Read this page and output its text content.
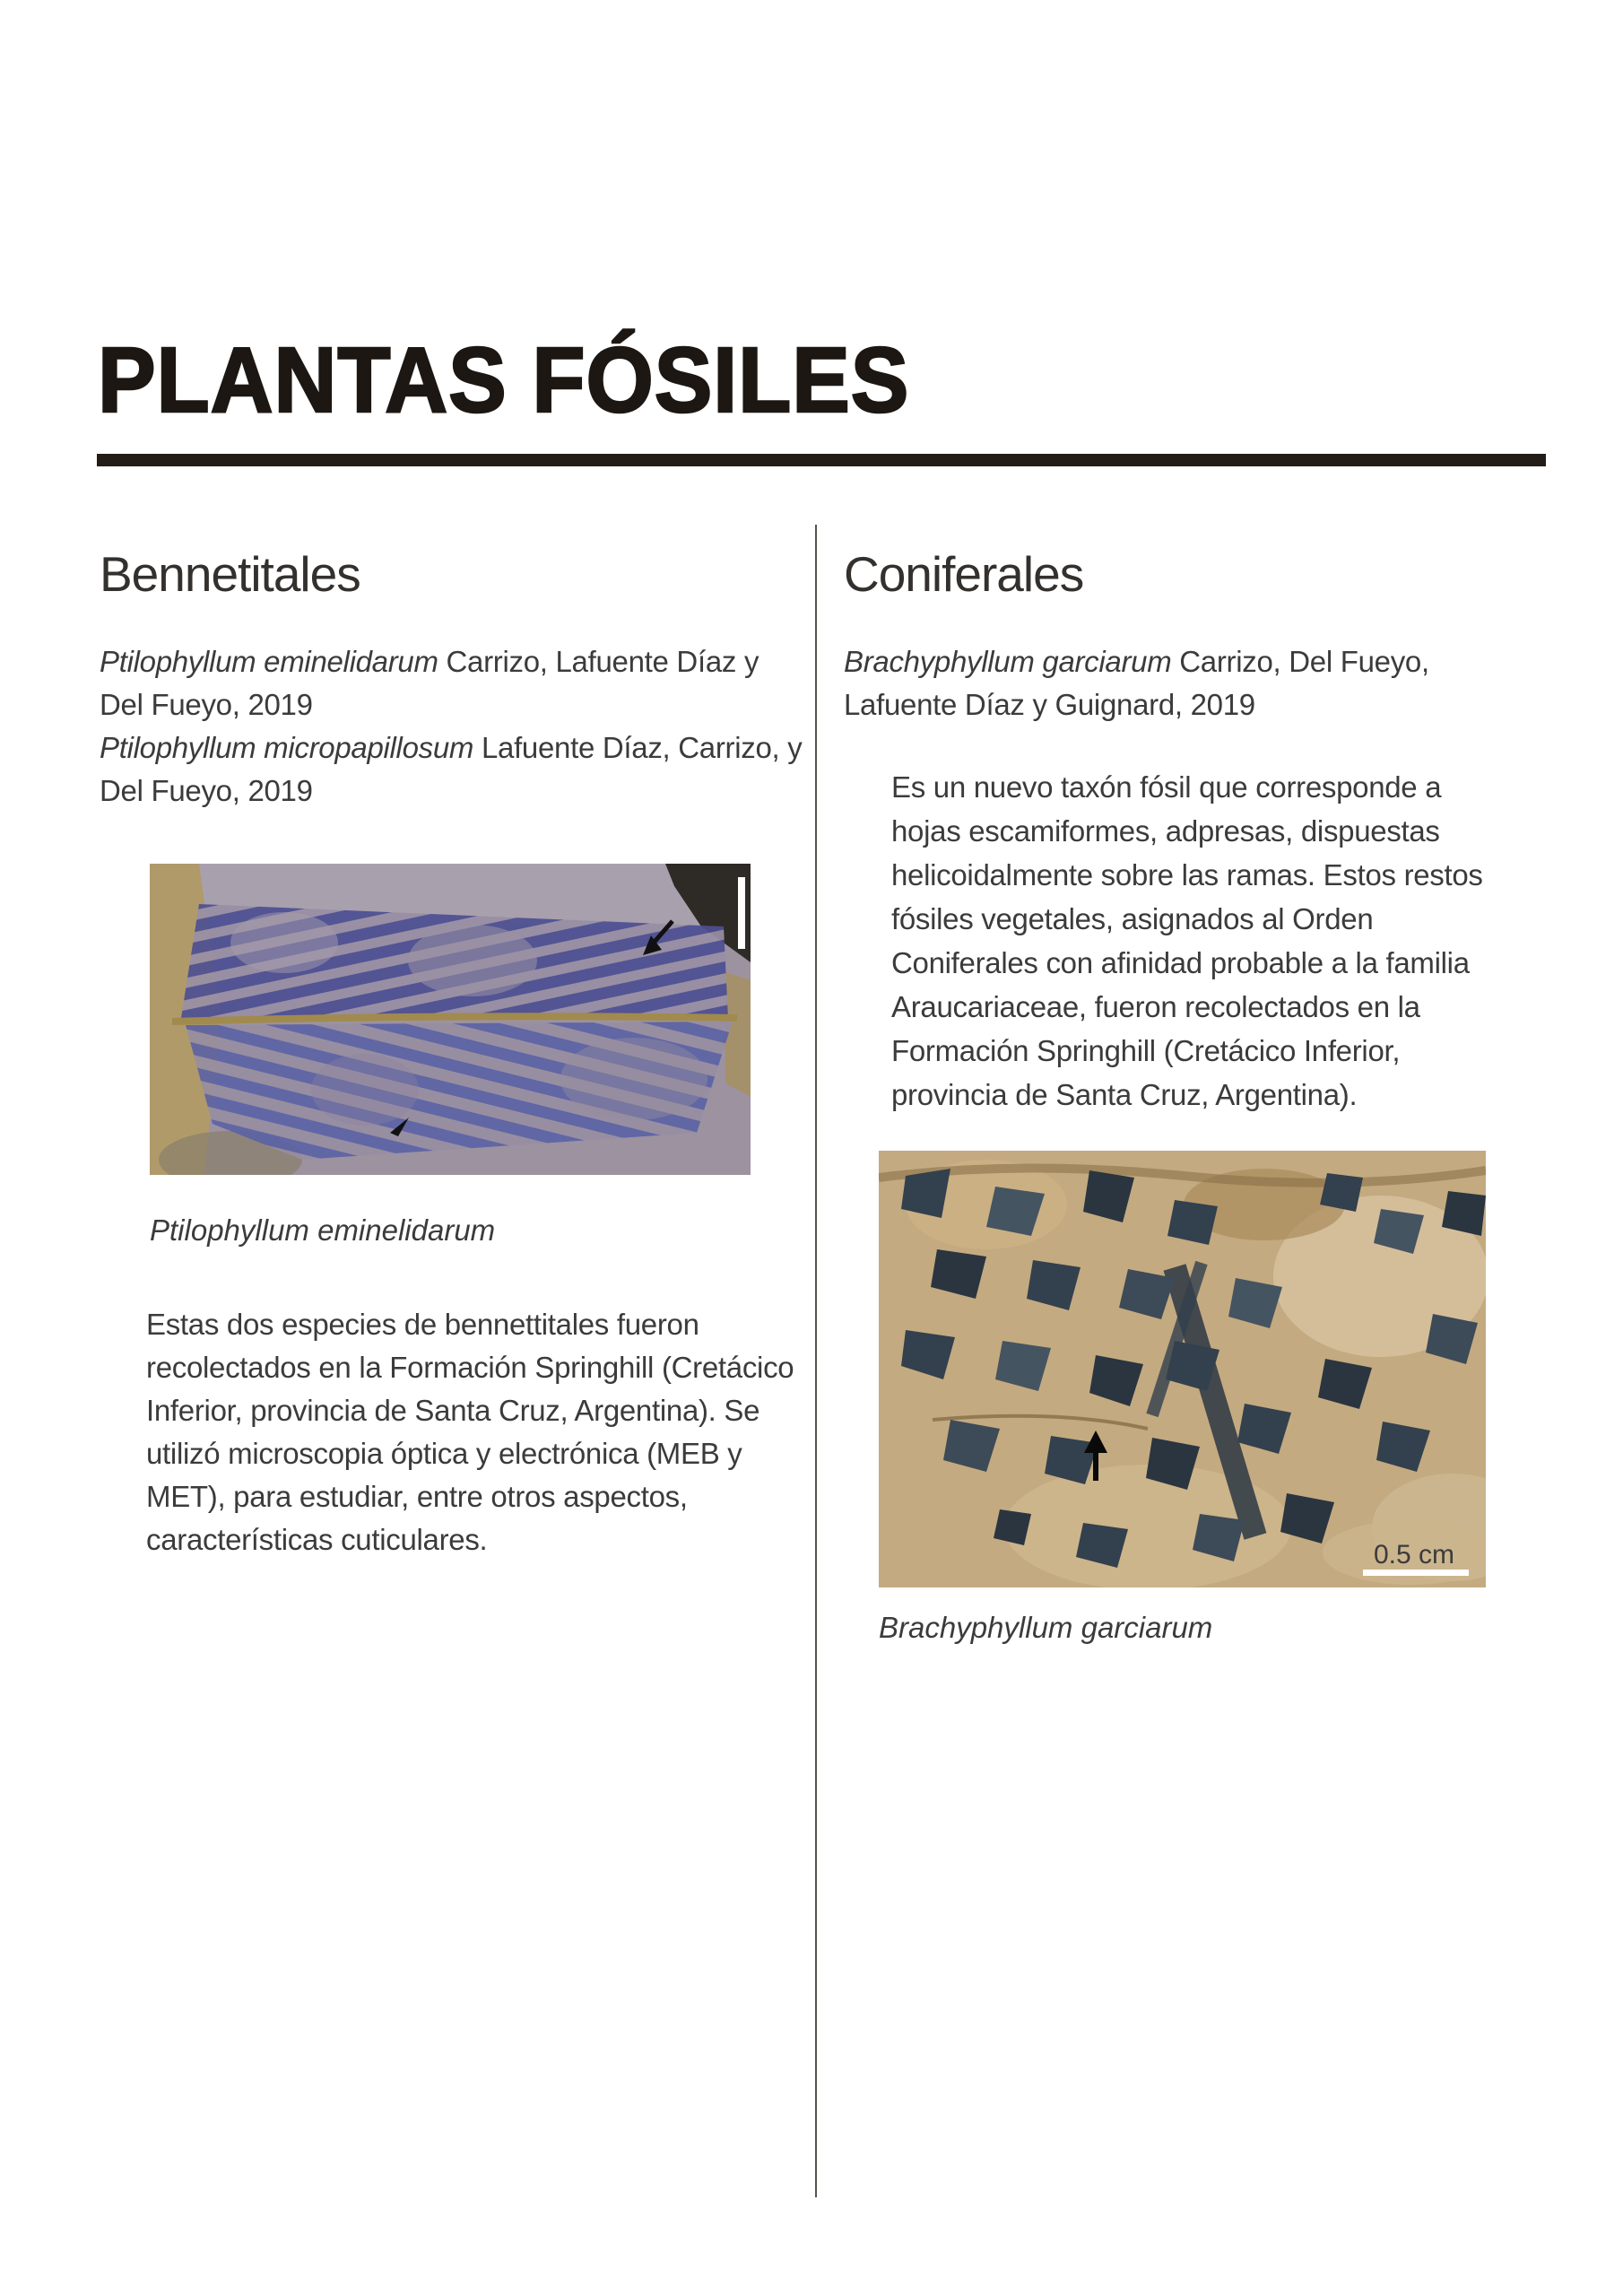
PLANTAS FÓSILES
Bennetitales
Ptilophyllum eminelidarum Carrizo, Lafuente Díaz y Del Fueyo, 2019
Ptilophyllum micropapillosum Lafuente Díaz, Carrizo, y Del Fueyo, 2019
Ptilophyllum eminelidarum

Estas dos especies de bennettitales fueron recolectados en la Formación Springhill (Cretácico Inferior, provincia de Santa Cruz, Argentina). Se utilizó microscopia óptica y electrónica (MEB y MET), para estudiar, entre otros aspectos, características cuticulares.

Coniferales
Brachyphyllum garciarum Carrizo, Del Fueyo, Lafuente Díaz y Guignard, 2019

Es un nuevo taxón fósil que corresponde a hojas escamiformes, adpresas, dispuestas helicoidalmente sobre las ramas. Estos restos fósiles vegetales, asignados al Orden Coniferales con afinidad probable a la familia Araucariaceae, fueron recolectados en la Formación Springhill (Cretácico Inferior, provincia de Santa Cruz, Argentina).

0.5 cm
Brachyphyllum garciarum
